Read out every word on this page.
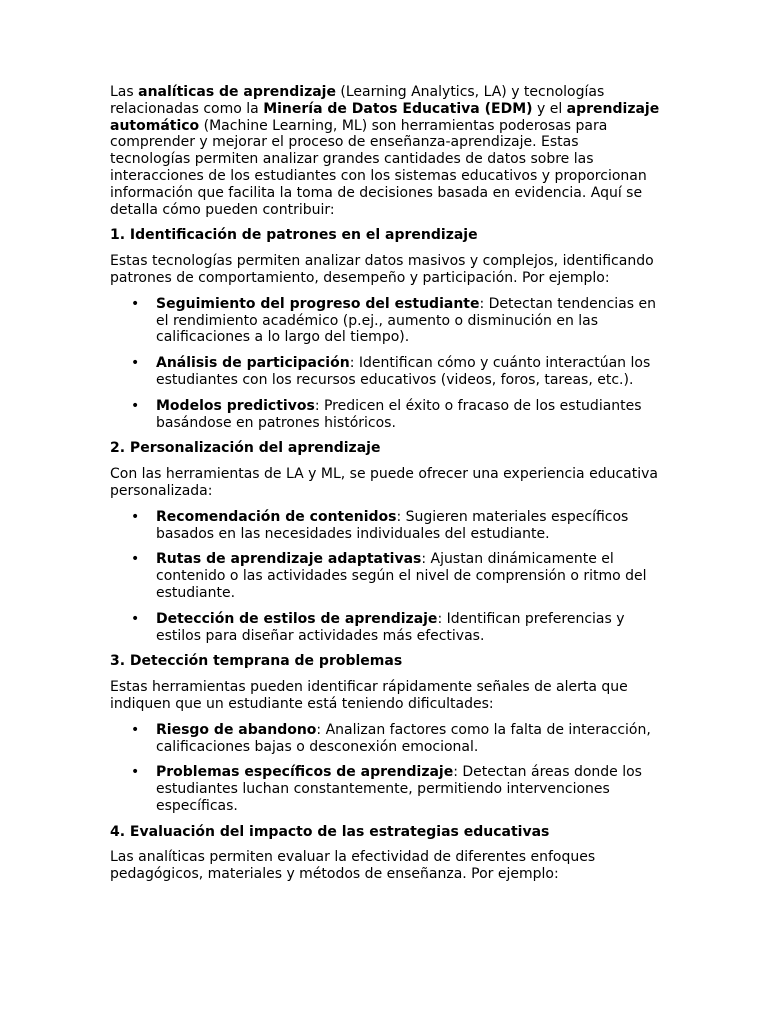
Las analíticas de aprendizaje (Learning Analytics, LA) y tecnologías relacionadas como la Minería de Datos Educativa (EDM) y el aprendizaje automático (Machine Learning, ML) son herramientas poderosas para comprender y mejorar el proceso de enseñanza-aprendizaje. Estas tecnologías permiten analizar grandes cantidades de datos sobre las interacciones de los estudiantes con los sistemas educativos y proporcionan información que facilita la toma de decisiones basada en evidencia. Aquí se detalla cómo pueden contribuir:

1. Identificación de patrones en el aprendizaje

Estas tecnologías permiten analizar datos masivos y complejos, identificando patrones de comportamiento, desempeño y participación. Por ejemplo:

• Seguimiento del progreso del estudiante: Detectan tendencias en el rendimiento académico (p.ej., aumento o disminución en las calificaciones a lo largo del tiempo).
• Análisis de participación: Identifican cómo y cuánto interactúan los estudiantes con los recursos educativos (videos, foros, tareas, etc.).
• Modelos predictivos: Predicen el éxito o fracaso de los estudiantes basándose en patrones históricos.
2. Personalización del aprendizaje

Con las herramientas de LA y ML, se puede ofrecer una experiencia educativa personalizada:

• Recomendación de contenidos: Sugieren materiales específicos basados en las necesidades individuales del estudiante.
• Rutas de aprendizaje adaptativas: Ajustan dinámicamente el contenido o las actividades según el nivel de comprensión o ritmo del estudiante.
• Detección de estilos de aprendizaje: Identifican preferencias y estilos para diseñar actividades más efectivas.
3. Detección temprana de problemas

Estas herramientas pueden identificar rápidamente señales de alerta que indiquen que un estudiante está teniendo dificultades:

• Riesgo de abandono: Analizan factores como la falta de interacción, calificaciones bajas o desconexión emocional.
• Problemas específicos de aprendizaje: Detectan áreas donde los estudiantes luchan constantemente, permitiendo intervenciones específicas.
4. Evaluación del impacto de las estrategias educativas

Las analíticas permiten evaluar la efectividad de diferentes enfoques pedagógicos, materiales y métodos de enseñanza. Por ejemplo:
